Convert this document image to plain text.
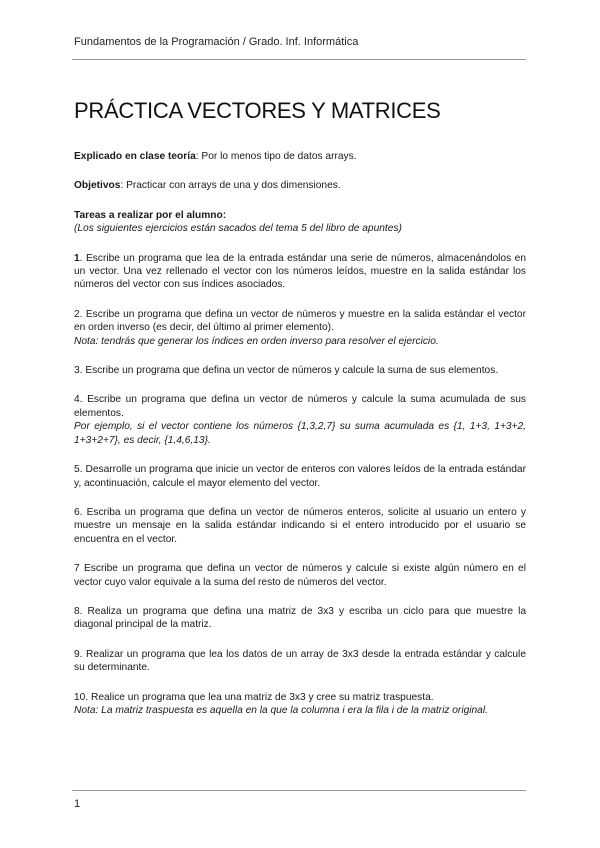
Fundamentos de la Programación / Grado. Inf. Informática
PRÁCTICA VECTORES Y MATRICES

Explicado en clase teoría: Por lo menos tipo de datos arrays.

Objetivos: Practicar con arrays de una y dos dimensiones.

Tareas a realizar por el alumno:

(Los siguientes ejercicios están sacados del tema 5 del libro de apuntes)

1. Escribe un programa que lea de la entrada estándar una serie de números, almacenándolos en un vector. Una vez rellenado el vector con los números leídos, muestre en la salida estándar los números del vector con sus índices asociados.

2. Escribe un programa que defina un vector de números y muestre en la salida estándar el vector en orden inverso (es decir, del último al primer elemento).

Nota: tendrás que generar los índices en orden inverso para resolver el ejercicio.

3. Escribe un programa que defina un vector de números y calcule la suma de sus elementos.

4. Escribe un programa que defina un vector de números y calcule la suma acumulada de sus elementos.

Por ejemplo, si el vector contiene los números {1,3,2,7} su suma acumulada es {1, 1+3, 1+3+2, 1+3+2+7}, es decir, {1,4,6,13}.

5. Desarrolle un programa que inicie un vector de enteros con valores leídos de la entrada estándar y, acontinuación, calcule el mayor elemento del vector.

6. Escriba un programa que defina un vector de números enteros, solicite al usuario un entero y muestre un mensaje en la salida estándar indicando si el entero introducido por el usuario se encuentra en el vector.

7 Escribe un programa que defina un vector de números y calcule si existe algún número en el vector cuyo valor equivale a la suma del resto de números del vector.

8. Realiza un programa que defina una matriz de 3x3 y escriba un ciclo para que muestre la diagonal principal de la matriz.

9. Realizar un programa que lea los datos de un array de 3x3 desde la entrada estándar y calcule su determinante.

10. Realice un programa que lea una matriz de 3x3 y cree su matriz traspuesta.

Nota: La matriz traspuesta es aquella en la que la columna i era la fila i de la matriz original.

1
